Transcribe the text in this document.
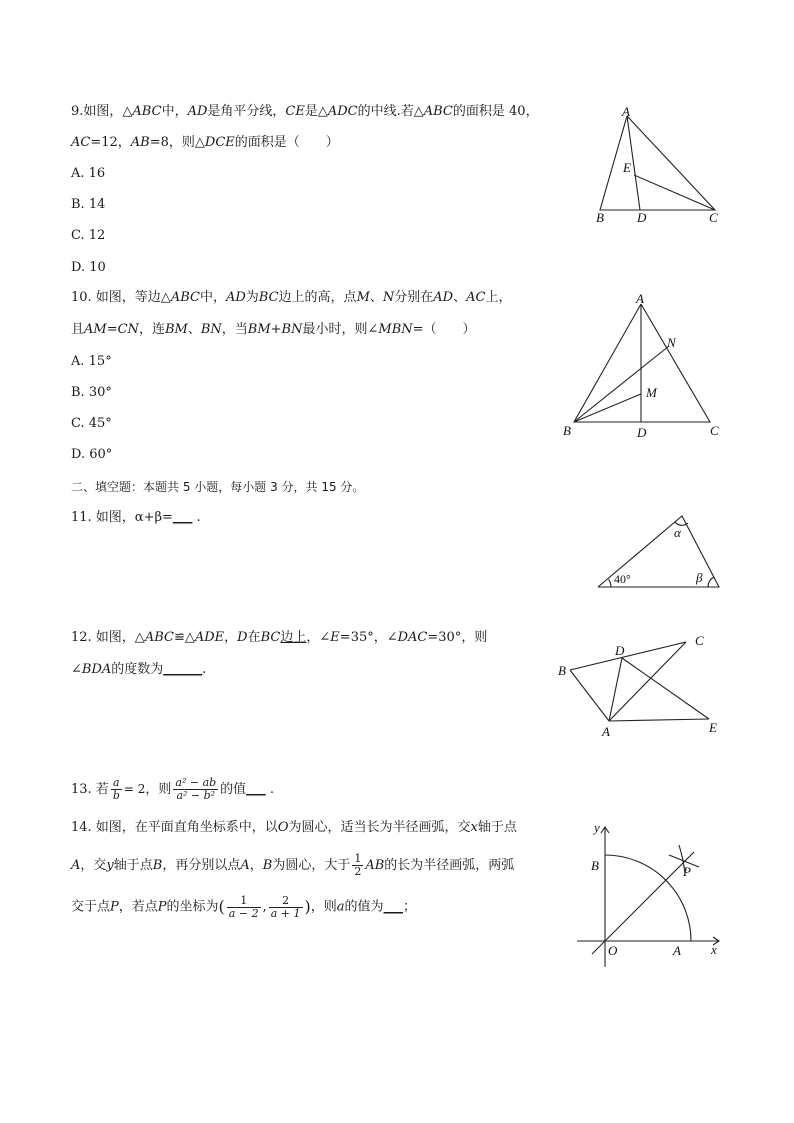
9.如图，△ABC中，AD是角平分线，CE是△ADC的中线.若△ABC的面积是 40，
AC=12，AB=8，则△DCE的面积是（　　）
A. 16
B. 14
C. 12
D. 10
A
B	C
D
E
10. 如图，等边△ABC中，AD为BC边上的高，点M、N分别在AD、AC上，
且AM=CN，连BM、BN，当BM+BN最小时，则∠MBN=（　　）
A. 15°
B. 30°
C. 45°
D. 60°
A
B	C
D
M
N
二、填空题：本题共 5 小题，每小题 3 分，共 15 分。
11. 如图，α+β=___ .
40°
α
β
12. 如图，△ABC≌△ADE，D在BC边上，∠E=35°，∠DAC=30°，则
∠BDA的度数为______.	B
C
D
A	E
13. 若 $\frac{a}{b} = 2$，则 $\frac{\text{a² − ab}}{\text{a² − b²}}$ 的值___ .
14. 如图，在平面直角坐标系中，以O为圆心，适当长为半径画弧，交x轴于点
A，交y轴于点B，再分别以点A，B为圆心，大于 $\frac{1}{2}$ AB的长为半径画弧，两弧
交于点P，若点P的坐标为( $\frac{1}{a - 2}$ , $\frac{2}{a + 1}$ )，则a的值为___；
y
x
O	A
B	P
